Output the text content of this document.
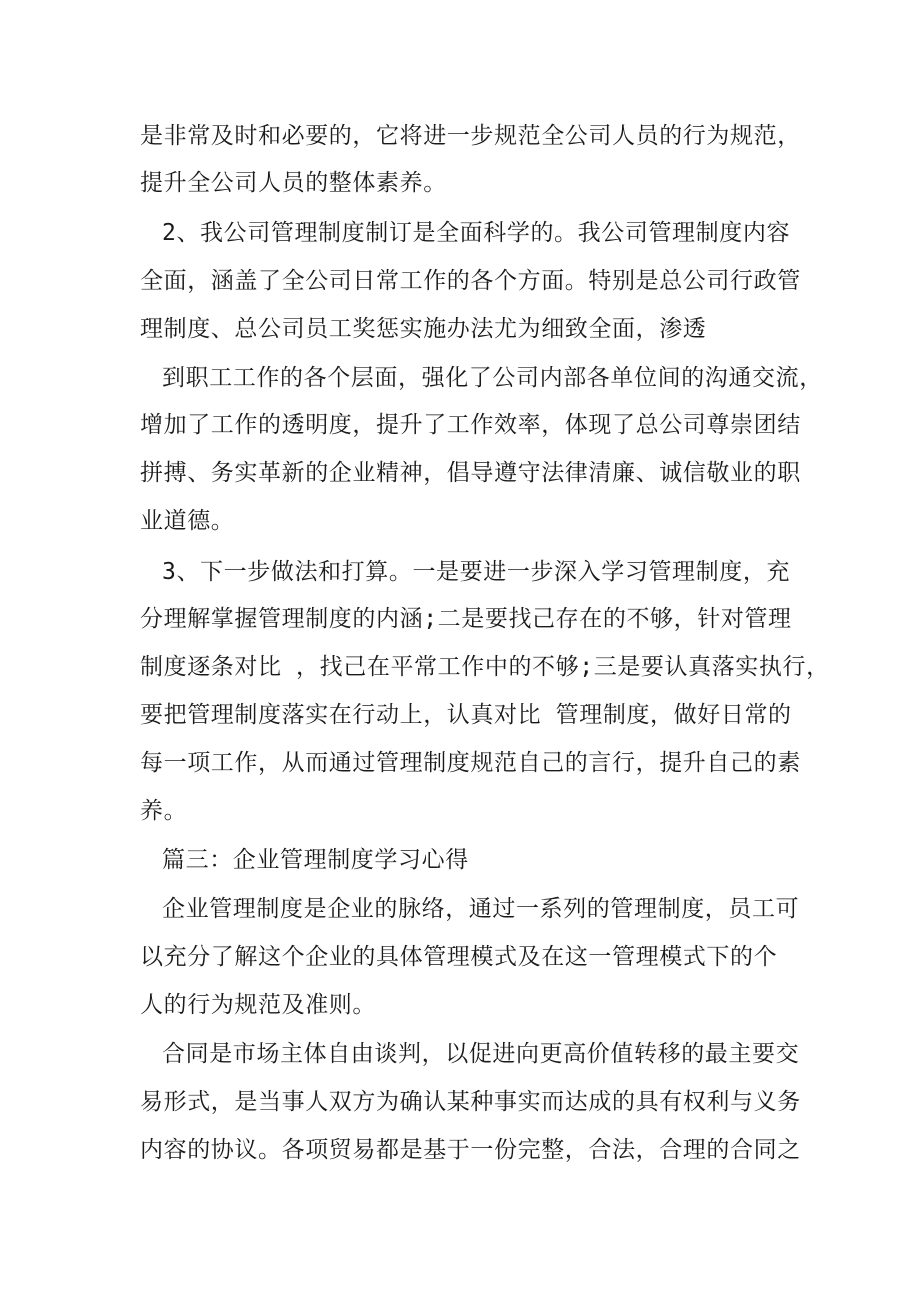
是非常及时和必要的，它将进一步规范全公司人员的行为规范，
提升全公司人员的整体素养。
2、我公司管理制度制订是全面科学的。我公司管理制度内容
全面，涵盖了全公司日常工作的各个方面。特别是总公司行政管
理制度、总公司员工奖惩实施办法尤为细致全面，渗透
到职工工作的各个层面，强化了公司内部各单位间的沟通交流，
增加了工作的透明度，提升了工作效率，体现了总公司尊崇团结
拼搏、务实革新的企业精神，倡导遵守法律清廉、诚信敬业的职
业道德。
3、下一步做法和打算。一是要进一步深入学习管理制度，充
分理解掌握管理制度的内涵;二是要找己存在的不够，针对管理
制度逐条对比 ，找己在平常工作中的不够;三是要认真落实执行，
要把管理制度落实在行动上，认真对比 管理制度，做好日常的
每一项工作，从而通过管理制度规范自己的言行，提升自己的素
养。
篇三：企业管理制度学习心得
企业管理制度是企业的脉络，通过一系列的管理制度，员工可
以充分了解这个企业的具体管理模式及在这一管理模式下的个
人的行为规范及准则。
合同是市场主体自由谈判，以促进向更高价值转移的最主要交
易形式，是当事人双方为确认某种事实而达成的具有权利与义务
内容的协议。各项贸易都是基于一份完整，合法，合理的合同之
